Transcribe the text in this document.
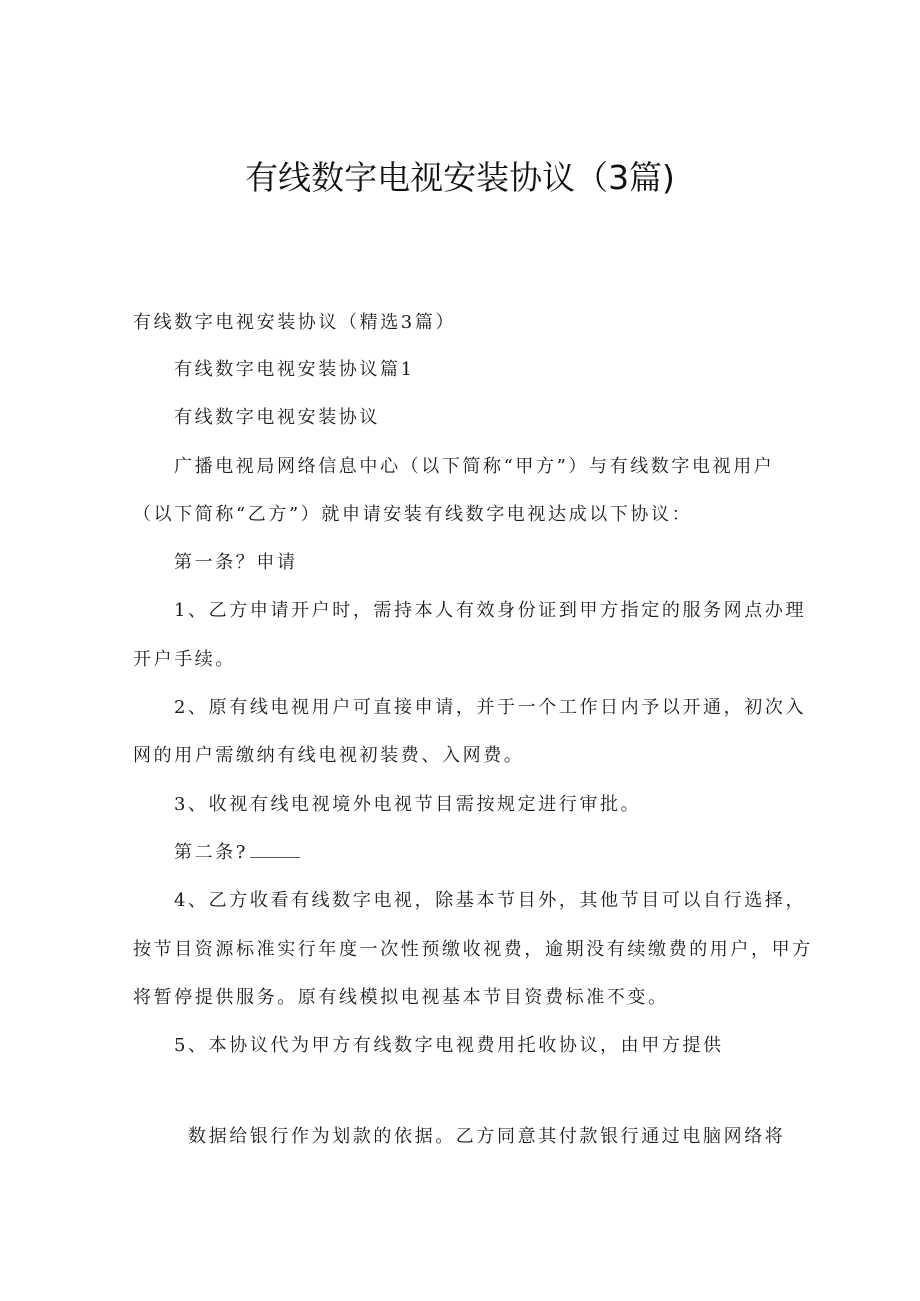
有线数字电视安装协议（3篇)

有线数字电视安装协议（精选3篇）

有线数字电视安装协议篇1

有线数字电视安装协议

广播电视局网络信息中心（以下简称“甲方”）与有线数字电视用户

（以下简称“乙方”）就申请安装有线数字电视达成以下协议：

第一条？申请

1、乙方申请开户时，需持本人有效身份证到甲方指定的服务网点办理

开户手续。

2、原有线电视用户可直接申请，并于一个工作日内予以开通，初次入

网的用户需缴纳有线电视初装费、入网费。

3、收视有线电视境外电视节目需按规定进行审批。

第二条?

4、乙方收看有线数字电视，除基本节目外，其他节目可以自行选择，

按节目资源标准实行年度一次性预缴收视费，逾期没有续缴费的用户，甲方

将暂停提供服务。原有线模拟电视基本节目资费标准不变。

5、本协议代为甲方有线数字电视费用托收协议，由甲方提供

数据给银行作为划款的依据。乙方同意其付款银行通过电脑网络将
